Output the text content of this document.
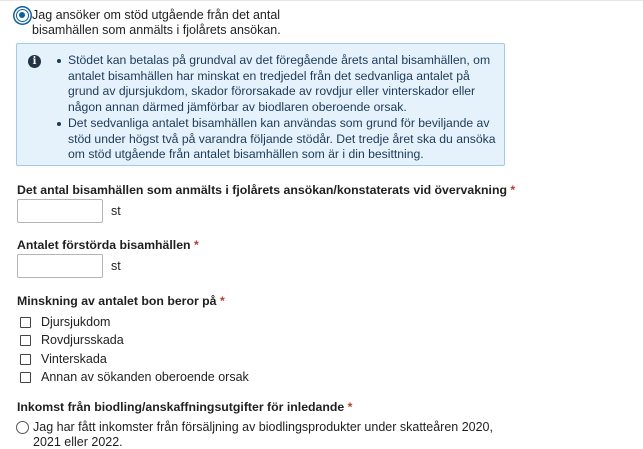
Jag ansöker om stöd utgående från det antal bisamhällen som anmälts i fjolårets ansökan.
i	Stödet kan betalas på grundval av det föregående årets antal bisamhällen, om antalet bisamhällen har minskat en tredjedel från det sedvanliga antalet på grund av djursjukdom, skador förorsakade av rovdjur eller vinterskador eller någon annan därmed jämförbar av biodlaren oberoende orsak.
Det sedvanliga antalet bisamhällen kan användas som grund för beviljande av stöd under högst två på varandra följande stödår. Det tredje året ska du ansöka om stöd utgående från antalet bisamhällen som är i din besittning.
Det antal bisamhällen som anmälts i fjolårets ansökan/konstaterats vid övervakning *
st
Antalet förstörda bisamhällen *
st
Minskning av antalet bon beror på *
Djursjukdom
Rovdjursskada
Vinterskada
Annan av sökanden oberoende orsak
Inkomst från biodling/anskaffningsutgifter för inledande *
Jag har fått inkomster från försäljning av biodlingsprodukter under skatteåren 2020, 2021 eller 2022.
